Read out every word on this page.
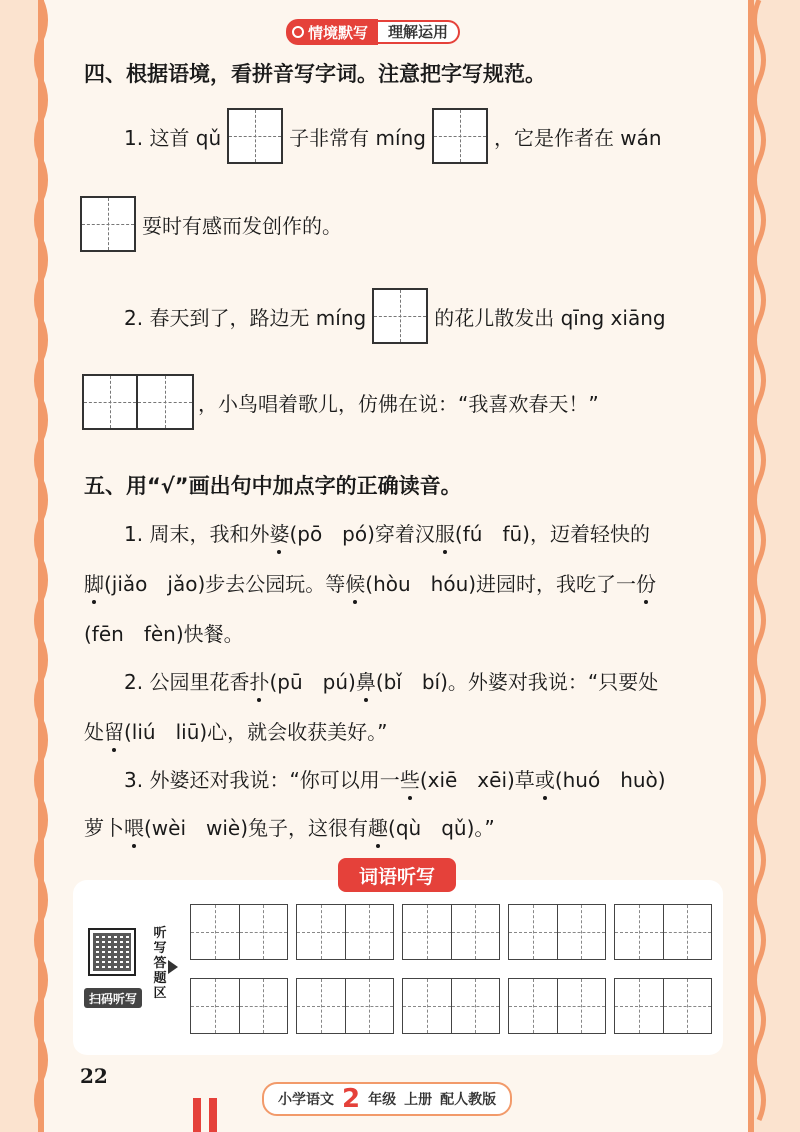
情境默写	理解运用
四、根据语境，看拼音写字词。注意把字写规范。
1. 这首 qǔ	子非常有 míng	，它是作者在 wán
耍时有感而发创作的。
2. 春天到了，路边无 míng	的花儿散发出 qīng xiāng
，小鸟唱着歌儿，仿佛在说：“我喜欢春天！”
五、用“√”画出句中加点字的正确读音。
1. 周末，我和外 婆 (pō　pó)穿着汉 服 (fú　fū)，迈着轻快的
脚 (jiǎo　jǎo)步去公园玩。等 候 (hòu　hóu)进园时，我吃了一 份
(fēn　fèn)快餐。
2. 公园里花香 扑 (pū　pú) 鼻 (bǐ　bí)。外婆对我说：“只要处
处 留 (liú　liū)心，就会收获美好。”
3. 外婆还对我说：“你可以用一 些 (xiē　xēi)草 或 (huó　huò)
萝卜 喂 (wèi　wiè)兔子，这很有 趣 (qù　qǔ)。”
词语听写
扫码听写
听写答题区
22
小学语文 2 年级 上册 配人教版
